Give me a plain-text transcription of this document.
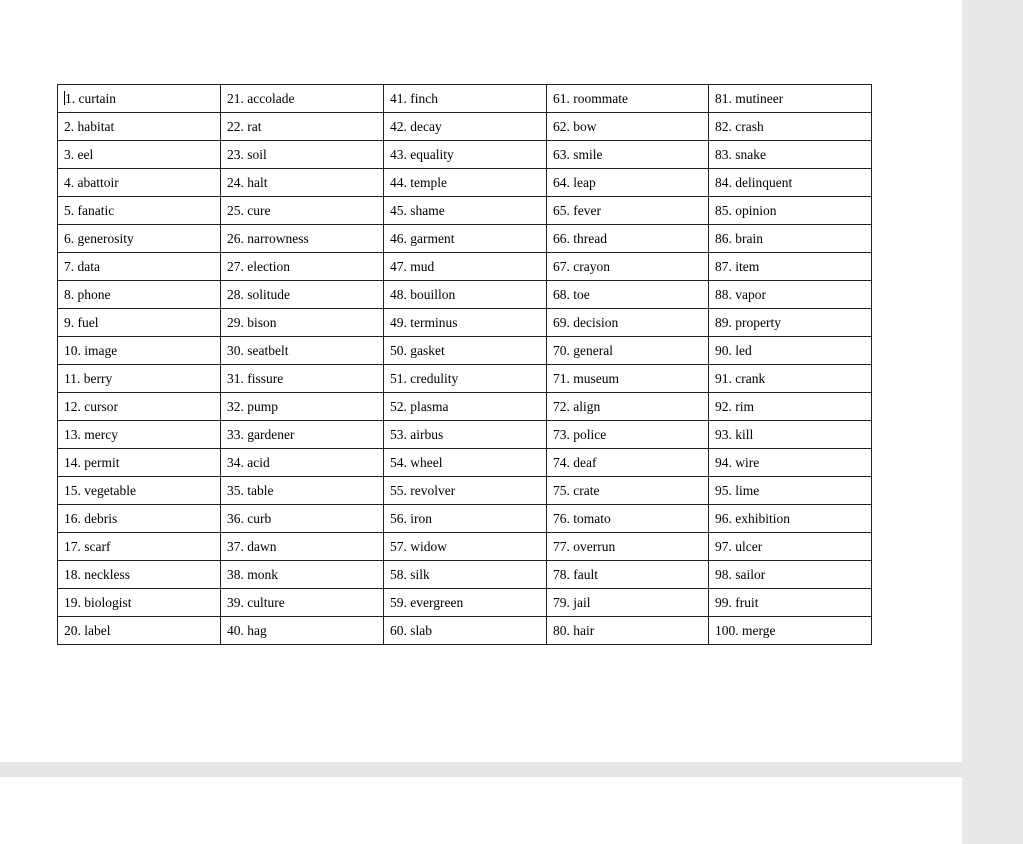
1. curtain	21. accolade	41. finch	61. roommate	81. mutineer
2. habitat	22. rat	42. decay	62. bow	82. crash
3. eel	23. soil	43. equality	63. smile	83. snake
4. abattoir	24. halt	44. temple	64. leap	84. delinquent
5. fanatic	25. cure	45. shame	65. fever	85. opinion
6. generosity	26. narrowness	46. garment	66. thread	86. brain
7. data	27. election	47. mud	67. crayon	87. item
8. phone	28. solitude	48. bouillon	68. toe	88. vapor
9. fuel	29. bison	49. terminus	69. decision	89. property
10. image	30. seatbelt	50. gasket	70. general	90. led
11. berry	31. fissure	51. credulity	71. museum	91. crank
12. cursor	32. pump	52. plasma	72. align	92. rim
13. mercy	33. gardener	53. airbus	73. police	93. kill
14. permit	34. acid	54. wheel	74. deaf	94. wire
15. vegetable	35. table	55. revolver	75. crate	95. lime
16. debris	36. curb	56. iron	76. tomato	96. exhibition
17. scarf	37. dawn	57. widow	77. overrun	97. ulcer
18. neckless	38. monk	58. silk	78. fault	98. sailor
19. biologist	39. culture	59. evergreen	79. jail	99. fruit
20. label	40. hag	60. slab	80. hair	100. merge
